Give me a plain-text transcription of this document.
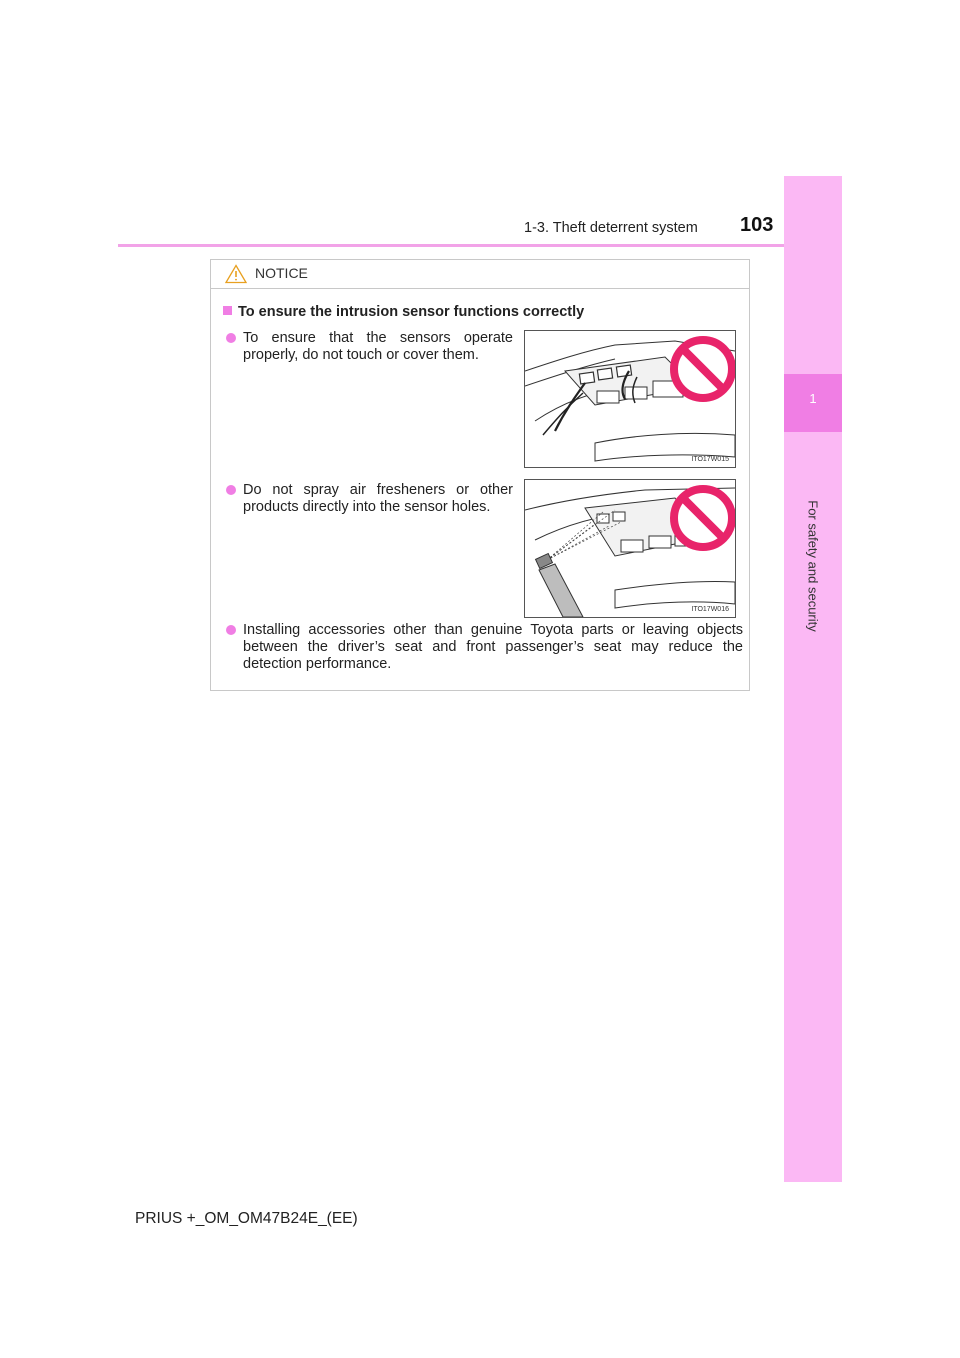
1-3. Theft deterrent system 103
1
For safety and security
NOTICE
To ensure the intrusion sensor functions correctly
To ensure that the sensors operate properly, do not touch or cover them.
ITO17W015
Do not spray air fresheners or other products directly into the sensor holes.
ITO17W016
Installing accessories other than genuine Toyota parts or leaving objects between the driver’s seat and front passenger’s seat may reduce the detection performance.
PRIUS +_OM_OM47B24E_(EE)
